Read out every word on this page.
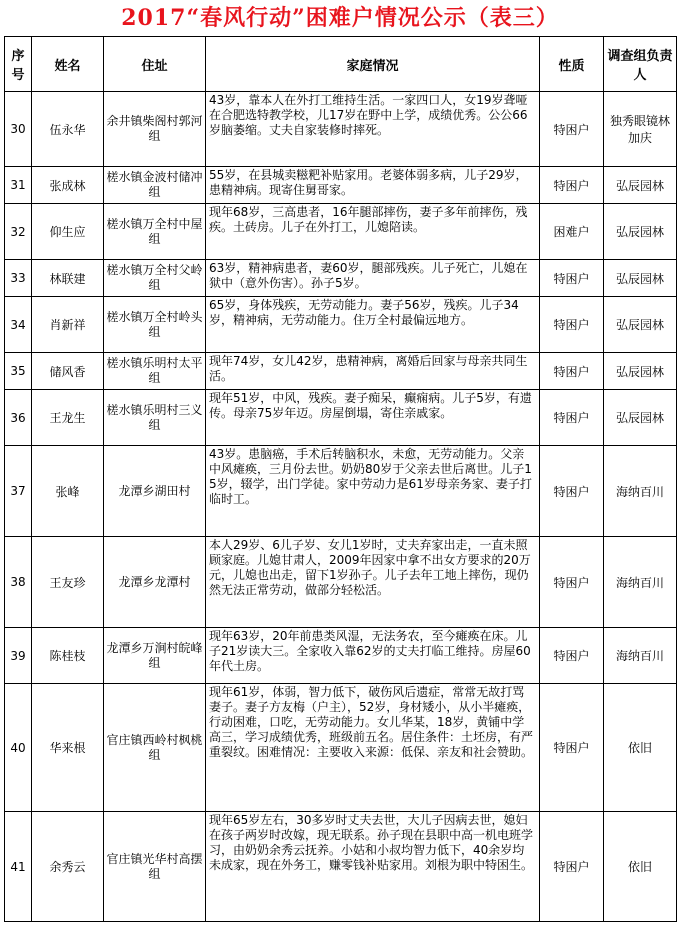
2017“春风行动”困难户情况公示（表三）
序号	姓名	住址	家庭情况	性质	调查组负责人
30	伍永华	余井镇柴阁村郭河组	43岁，靠本人在外打工维持生活。一家四口人，女19岁聋哑在合肥选特教学校，儿17岁在野中上学，成绩优秀。公公66岁脑萎缩。丈夫自家装修时摔死。	特困户	独秀眼镜林加庆
31	张成林	槎水镇金波村储冲组	55岁，在县城卖糍粑补贴家用。老婆体弱多病，儿子29岁，患精神病。现寄住舅哥家。	特困户	弘辰园林
32	仰生应	槎水镇万全村中屋组	现年68岁，三高患者，16年腿部摔伤，妻子多年前摔伤，残疾。土砖房。儿子在外打工，儿媳陪读。	困难户	弘辰园林
33	林联建	槎水镇万全村父岭组	63岁，精神病患者，妻60岁，腿部残疾。儿子死亡，儿媳在狱中（意外伤害）。孙子5岁。	特困户	弘辰园林
34	肖新祥	槎水镇万全村岭头组	65岁，身体残疾，无劳动能力。妻子56岁，残疾。儿子34岁，精神病，无劳动能力。住万全村最偏远地方。	特困户	弘辰园林
35	储风香	槎水镇乐明村太平组	现年74岁，女儿42岁，患精神病，离婚后回家与母亲共同生活。	特困户	弘辰园林
36	王龙生	槎水镇乐明村三义组	现年51岁，中风，残疾。妻子痴呆，癫痫病。儿子5岁，有遗传。母亲75岁年迈。房屋倒塌，寄住亲戚家。	特困户	弘辰园林
37	张峰	龙潭乡湖田村	43岁。患脑癌，手术后转脑积水，未愈，无劳动能力。父亲中风瘫痪，三月份去世。奶奶80岁于父亲去世后离世。儿子15岁，辍学，出门学徒。家中劳动力是61岁母亲务家、妻子打临时工。	特困户	海纳百川
38	王友珍	龙潭乡龙潭村	本人29岁、6儿子岁、女儿1岁时，丈夫弃家出走，一直未照顾家庭。儿媳甘肃人，2009年因家中拿不出女方要求的20万元，儿媳也出走，留下1岁孙子。儿子去年工地上摔伤，现仍然无法正常劳动，做部分轻松活。	特困户	海纳百川
39	陈桂枝	龙潭乡万涧村皖峰组	现年63岁，20年前患类风湿，无法务农，至今瘫痪在床。儿子21岁读大三。全家收入靠62岁的丈夫打临工维持。房屋60年代土房。	特困户	海纳百川
40	华来根	官庄镇西岭村枫桃组	现年61岁，体弱，智力低下，破伤风后遗症，常常无故打骂妻子。妻子方友梅（户主），52岁，身材矮小，从小半瘫痪，行动困难，口吃，无劳动能力。女儿华某，18岁，黄铺中学高三，学习成绩优秀，班级前五名。居住条件：土坯房，有严重裂纹。困难情况：主要收入来源：低保、亲友和社会赞助。	特困户	依旧
41	余秀云	官庄镇光华村高摆组	现年65岁左右，30多岁时丈夫去世，大儿子因病去世，媳妇在孩子两岁时改嫁，现无联系。孙子现在县职中高一机电班学习，由奶奶余秀云抚养。小姑和小叔均智力低下，40余岁均未成家，现在外务工，赚零钱补贴家用。刘根为职中特困生。	特困户	依旧
